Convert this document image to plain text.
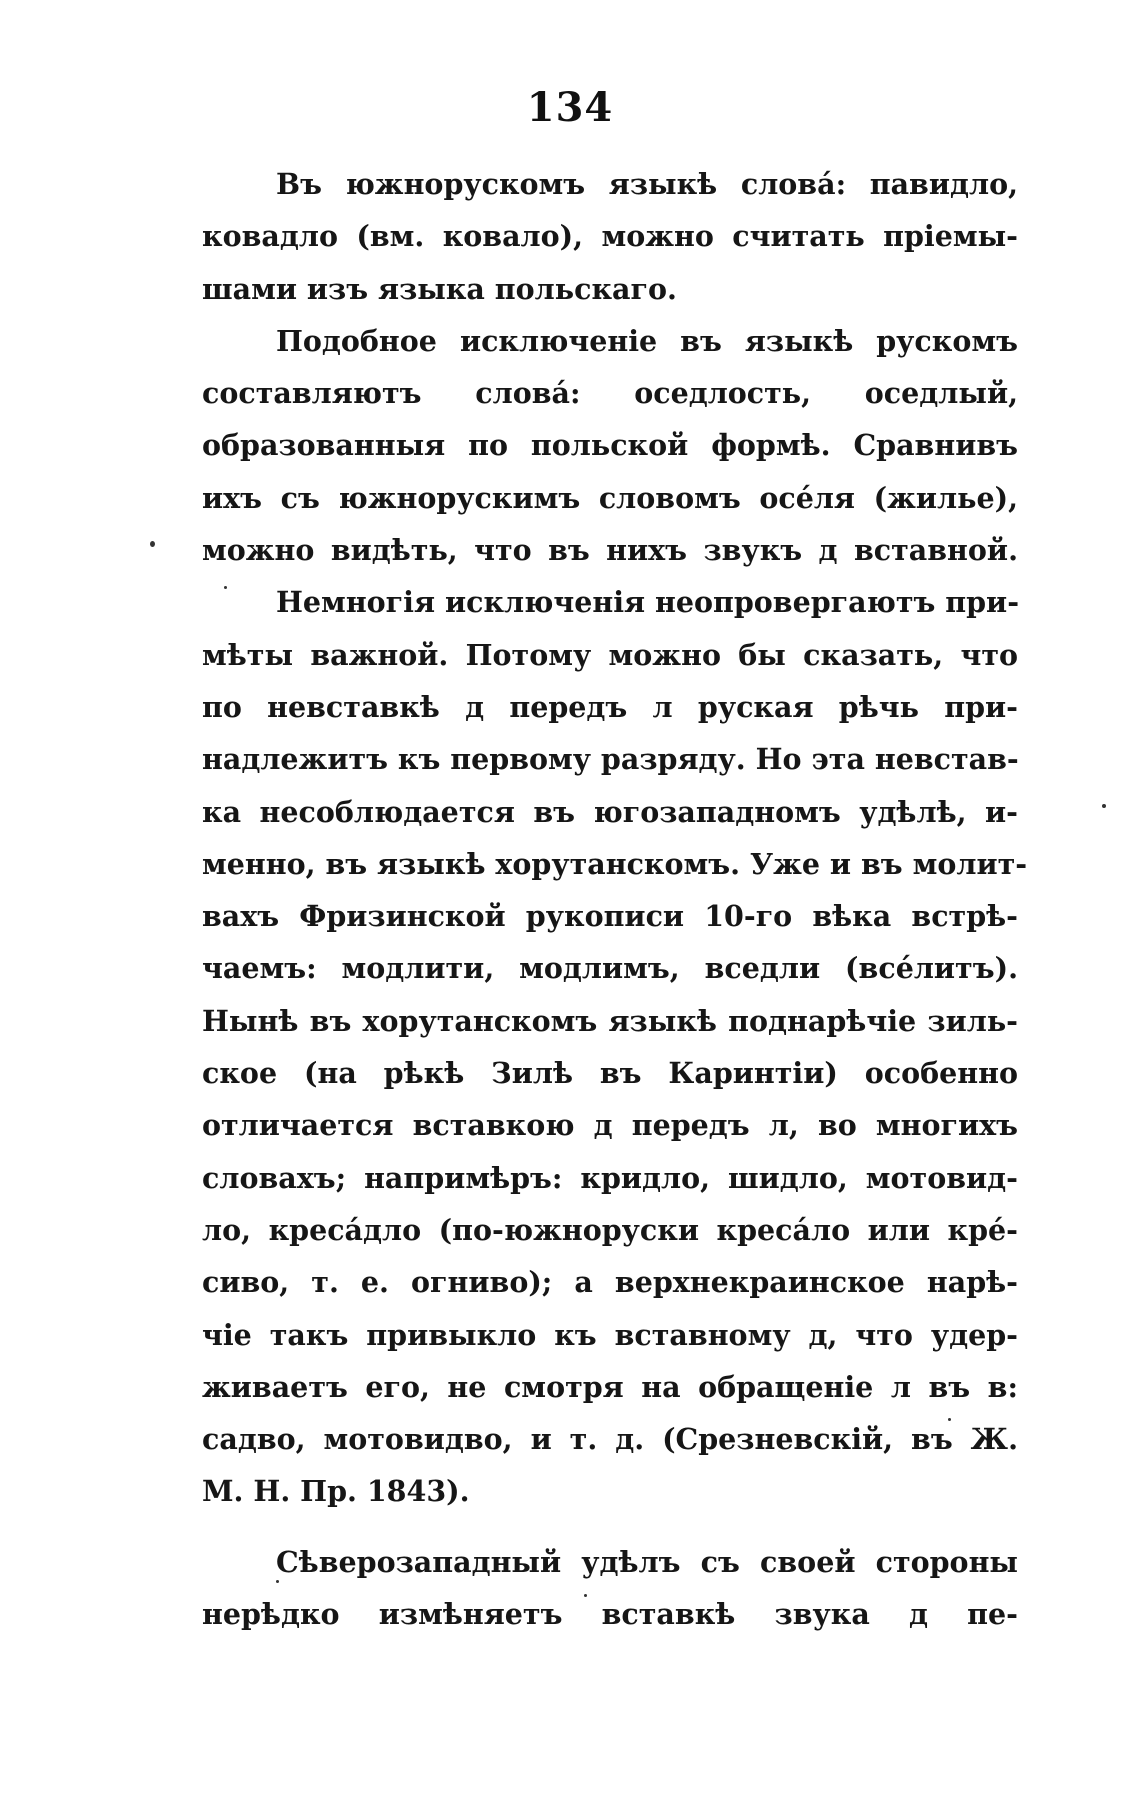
134
Въ южнорускомъ языкѣ слова́: павидло,
ковадло (вм. ковало), можно считать пріемы-
шами изъ языка польскаго.
Подобное исключеніе въ языкѣ рускомъ
составляютъ слова́: оседлость, оседлый,
образованныя по польской формѣ. Сравнивъ
ихъ съ южнорускимъ словомъ осе́ля (жилье),
можно видѣть, что въ нихъ звукъ д вставной.
Немногія исключенія неопровергаютъ при-
мѣты важной. Потому можно бы сказать, что
по невставкѣ д передъ л руская рѣчь при-
надлежитъ къ первому разряду. Но эта невстав-
ка несоблюдается въ югозападномъ удѣлѣ, и-
менно, въ языкѣ хорутанскомъ. Уже и въ молит-
вахъ Фризинской рукописи 10-го вѣка встрѣ-
чаемъ: модлити, модлимъ, вседли (все́литъ).
Нынѣ въ хорутанскомъ языкѣ поднарѣчіе зиль-
ское (на рѣкѣ Зилѣ въ Каринтіи) особенно
отличается вставкою д передъ л, во многихъ
словахъ; напримѣръ: кридло, шидло, мотовид-
ло, креса́дло (по-южноруски креса́ло или кре́-
сиво, т. е. огниво); а верхнекраинское нарѣ-
чіе такъ привыкло къ вставному д, что удер-
живаетъ его, не смотря на обращеніе л въ в:
садво, мотовидво, и т. д. (Срезневскій, въ Ж.
М. Н. Пр. 1843).
Сѣверозападный удѣлъ съ своей стороны
нерѣдко измѣняетъ вставкѣ звука д пе-
